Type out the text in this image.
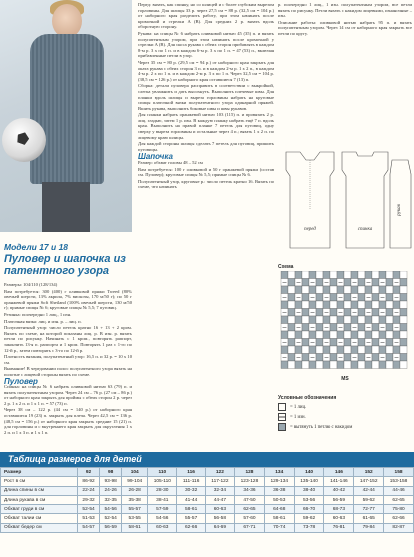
Модели 17 и 18
Пуловер и шапочка из патентного узора

Размеры: 104/110 (128/134)

Вам потребуется: 300 (400) г оливковой пряжи Tweed (80% овечьей шерсти, 13% акрила, 7% вискозы, 170 м/50 г); по 50 г оранжевой пряжи Soft Shetland (100% овечьей шерсти, 130 м/50 г); прямые спицы № 6; круговые спицы № 5,5; 7 пуговиц.

Резинка: поочередно 1 лиц., 1 изн.

Платочная вязка: лиц. и изн. р. – лиц. п.

Полупатентный узор: число петель кратно 16 + 13 + 2 кром. Вязать по схеме, на которой показаны лиц. р. В изн. р. вязать петли по рисунку. Начинать с 1 кром., повторять раппорт, закончить 13-я п. раппорта и 1 кром. Повторять 1 раз с 1-го по 12-й р., затем повторять с 3-го по 12-й р.

Плотность вязания, полупатентный узор: 16,5 п. и 32 р. = 10 х 10 см.

Внимание! В чередовании полос полупатентного узора вязать на полотне с лицевой стороны вязать по схеме.

Пуловер

Спинка: на спицы № 6 набрать оливковой нитью 63 (79) п. и вязать полупатентным узором. Через 24 см – 76 р. (27 см – 86 р.) от наборного края закрыть для проймы с обеих сторон 2 р. через 2 р. 1 х 2 п. и 1 х 1 п. = 57 (73) п.

Через 38 см – 122 р. (44 см = 140 р.) от наборного края оставшиеся 19 (23) п. закрыть для плеча. Через 42,5 см = 136 р. (48,5 см = 156 р.) от наборного края закрыть средние 15 (21) п. для горловины и с внутреннего края закрыть для округления 1 х 2 п. и 1 х 3 п. и 1 х 1 п.

Перед: вязать, как спинку, но со шлицей и с более глубоким вырезом горловины. Для шлицы 33 р. через 27,5 см = 88 р. (32,5 см = 104 р.) от наборного края разделить работу, при этом начинать после кромочной и стрелки A (B). Для средних 2 р. вязать вдоль оборотную сторону.

Рукава: на спицы № 6 набрать оливковой нитью 45 (35) п. и вязать полупатентным узором, при этом начинать после кромочной у стрелки A (B). Для скоса рукава с обеих сторон прибавлять в каждом 8-м р. 3 х по 1 п. и в каждом 6-м р. 3 х по 1 п. = 47 (53) п., включая прибавленные петли в узор.

Через 35 см = 80 р. (29,5 см = 94 р.) от наборного края закрыть для оката рукава с обеих сторон 3 п. и в каждом 2-м р. 1 х 2 п., в каждом 4-м р. 2 х по 1 п. и в каждом 2-м р. 3 х по 1 п. Через 32,5 см = 104 р. (38,5 см = 126 р.) от наборного края оставшиеся 7 (13) п.

Сборка: детали пуловера расправить в соответствии с выкройкой, слегка увлажнить и дать высохнуть. Выполнить плечевые швы. Для планки вдоль шлицы и выреза горловины набрать на круговые спицы платочной вязки полупатентного узора одинарной пряжей. Вшить рукава, выполнить боковые швы и швы рукавов.

Для планки набрать оранжевой нитью 103 (115) п. и провязать 2 р. лиц. гладью, затем 1 р. изн. В каждую планку набрать ещё 7 п. вдоль края. Выполнить на правой планке 7 петель для пуговиц, одну сверху у выреза горловины и остальные через 4 п.; вязать 1 х 2 п. по лицевому краю шлицы.

Для каждой стороны шлицы сделать 7 петель для пуговиц, пришить пуговицы.

Шапочка

Размер: обхват головы 48 – 52 см

Вам потребуется: 100 г оливковой и 50 г оранжевой пряжи (состав см. Пуловер); круговые спицы № 5,5; прямые спицы № 6.

Полупатентный узор, круговые р.: число петель кратно 16. Вязать по схеме, что начинать

р. поочередно 1 лиц., 1 изн. полупатентным узором, все петли вязать по рисунку. Петли вязать с накидом лицевыми, изнаночные – изн.

Описание работы: оливковой нитью набрать 95 п. и вязать полупатентным узором. Через 14 см от наборного края закрыть все петли по кругу.

перед	спинка
рукав
Схема
MS
Условные обозначения
= 1 лиц.
= 1 изн.
= вытянуть 1 петлю с накидом
Таблица размеров для детей
Размер	92	98	104	110	116	122	128	134	140	146	152	158
Рост в см	86-92	93-98	99-104	105-110	111-116	117-122	123-128	129-134	135-140	141-146	147-152	153-158
Длина спины в см	22-24	24-26	26-28	28-30	30-32	32-34	34-36	36-38	38-40	40-42	42-44	44-46
Длина рукава в см	29-32	32-35	35-38	38-41	41-44	44-47	47-50	50-53	53-56	56-59	59-62	62-65
Обхват груди в см	52-54	54-56	55-57	57-59	58-61	60-63	62-65	64-68	66-70	68-73	72-77	75-80
Обхват талии см	51-53	52-54	53-55	54-56	55-57	56-58	57-60	58-61	59-62	60-63	61-65	62-66
Обхват бедер см	54-57	56-59	58-61	60-63	62-66	64-69	67-71	70-74	73-78	76-81	79-84	82-87
